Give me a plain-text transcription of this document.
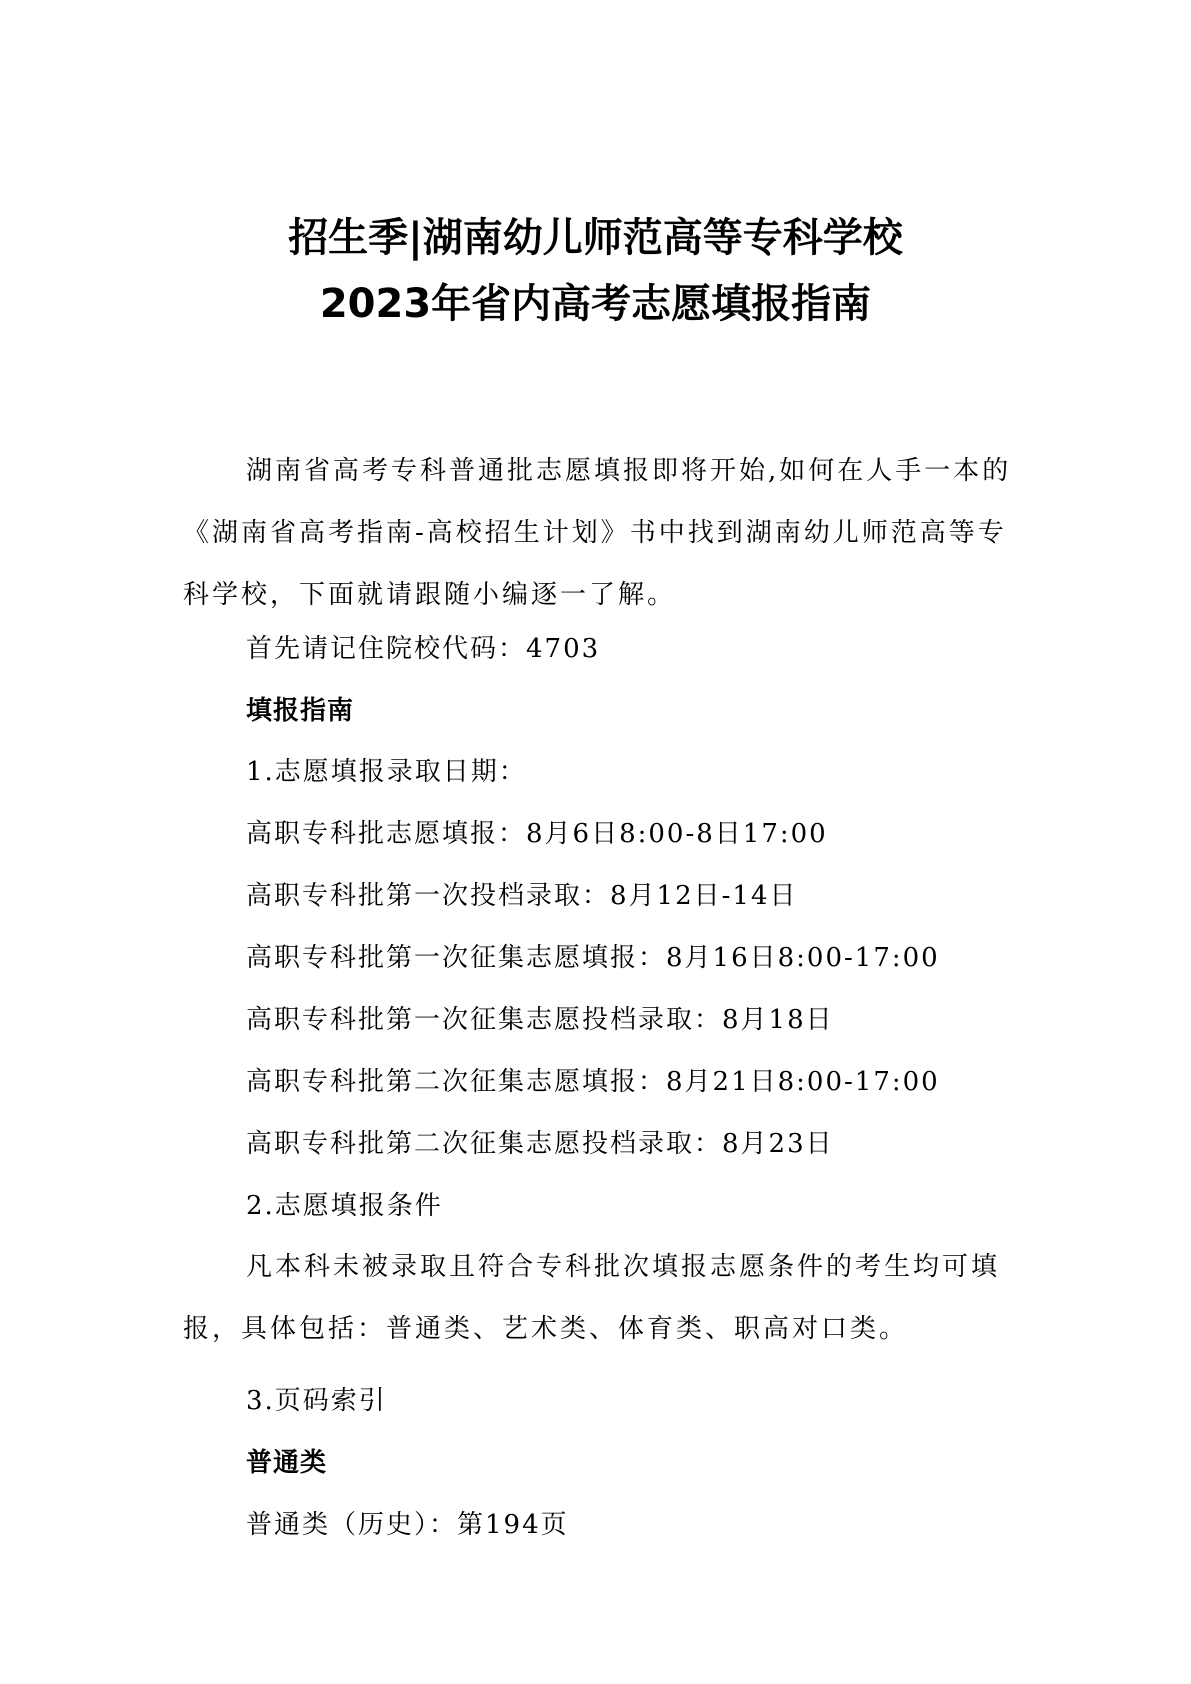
招生季|湖南幼儿师范高等专科学校
2023年省内高考志愿填报指南
湖南省高考专科普通批志愿填报即将开始,如何在人手一本的《湖南省高考指南-高校招生计划》书中找到湖南幼儿师范高等专科学校，下面就请跟随小编逐一了解。
首先请记住院校代码：4703
填报指南
1.志愿填报录取日期：
高职专科批志愿填报：8月6日8:00-8日17:00
高职专科批第一次投档录取：8月12日-14日
高职专科批第一次征集志愿填报：8月16日8:00-17:00
高职专科批第一次征集志愿投档录取：8月18日
高职专科批第二次征集志愿填报：8月21日8:00-17:00
高职专科批第二次征集志愿投档录取：8月23日
2.志愿填报条件
凡本科未被录取且符合专科批次填报志愿条件的考生均可填报，具体包括：普通类、艺术类、体育类、职高对口类。
3.页码索引
普通类
普通类（历史）：第194页
